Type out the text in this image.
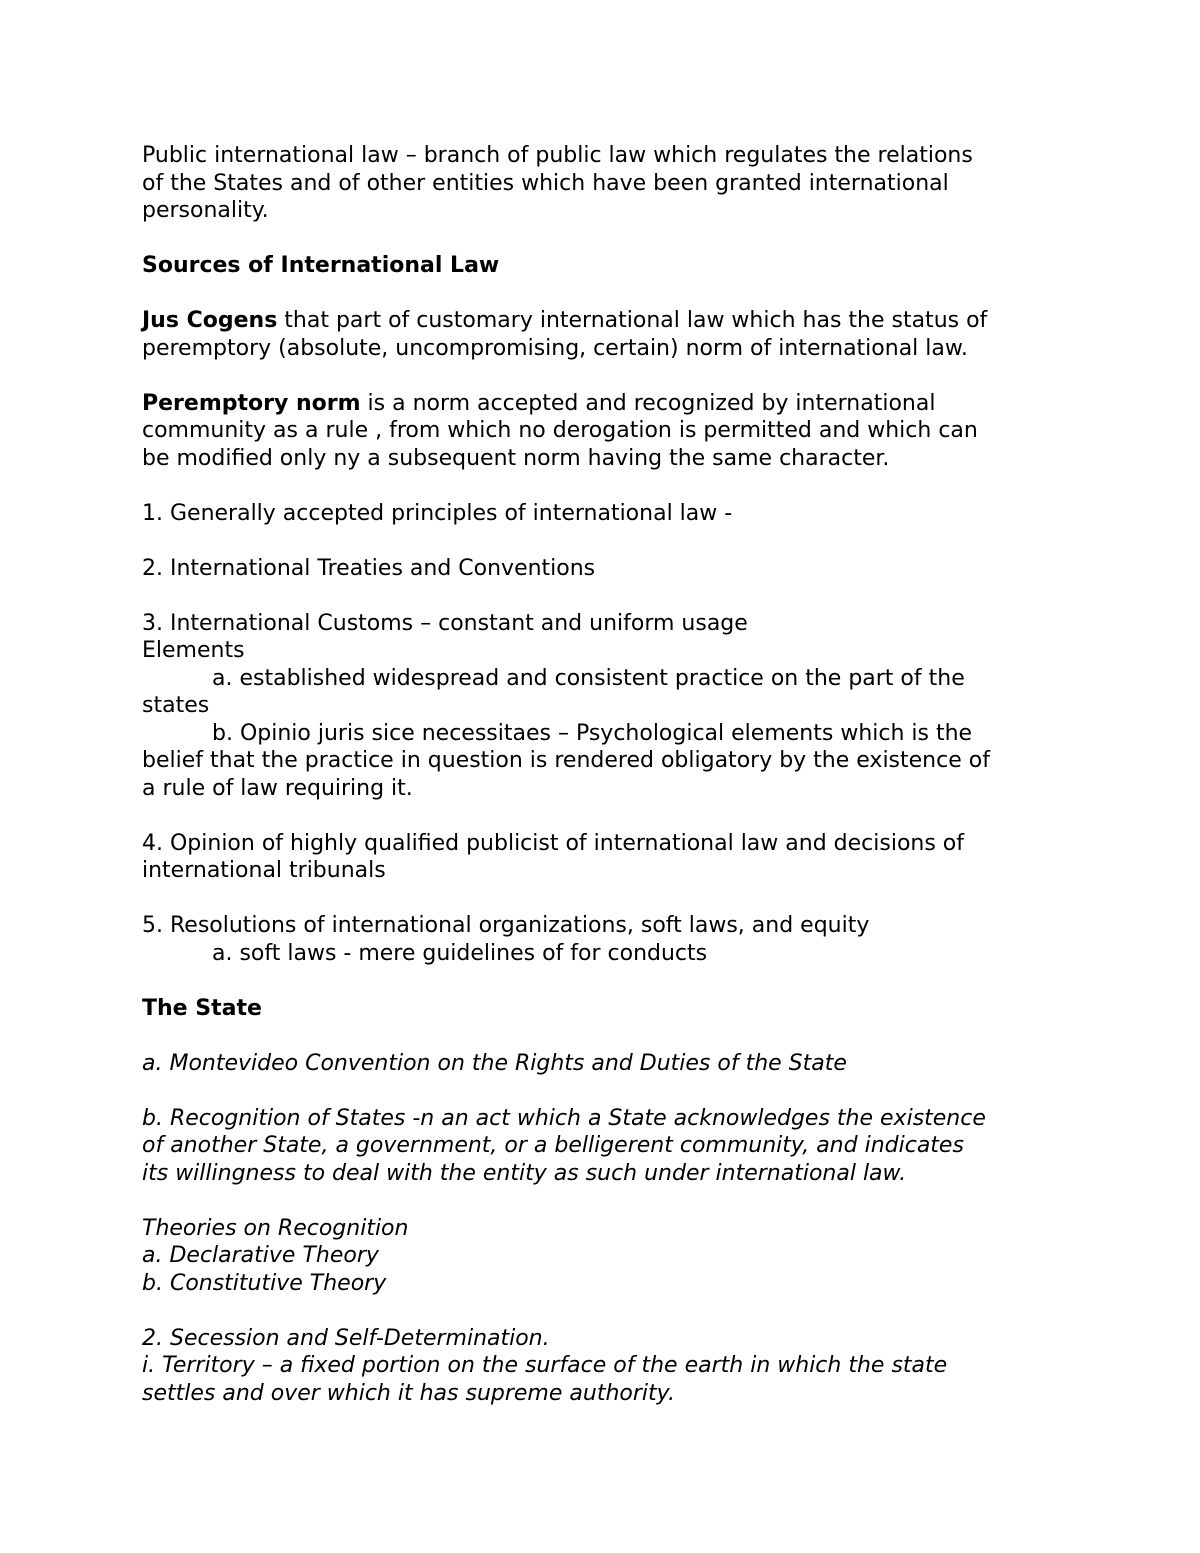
Public international law – branch of public law which regulates the relations

of the States and of other entities which have been granted international

personality.

Sources of International Law

Jus Cogens that part of customary international law which has the status of

peremptory (absolute, uncompromising, certain) norm of international law.

Peremptory norm is a norm accepted and recognized by international

community as a rule , from which no derogation is permitted and which can

be modified only ny a subsequent norm having the same character.

1. Generally accepted principles of international law -

2. International Treaties and Conventions

3. International Customs – constant and uniform usage

Elements

a. established widespread and consistent practice on the part of the

states

b. Opinio juris sice necessitaes – Psychological elements which is the

belief that the practice in question is rendered obligatory by the existence of

a rule of law requiring it.

4. Opinion of highly qualified publicist of international law and decisions of

international tribunals

5. Resolutions of international organizations, soft laws, and equity

a. soft laws - mere guidelines of for conducts

The State

a. Montevideo Convention on the Rights and Duties of the State

b. Recognition of States -n an act which a State acknowledges the existence

of another State, a government, or a belligerent community, and indicates

its willingness to deal with the entity as such under international law.

Theories on Recognition

a. Declarative Theory

b. Constitutive Theory

2. Secession and Self-Determination.

i. Territory – a fixed portion on the surface of the earth in which the state

settles and over which it has supreme authority.
